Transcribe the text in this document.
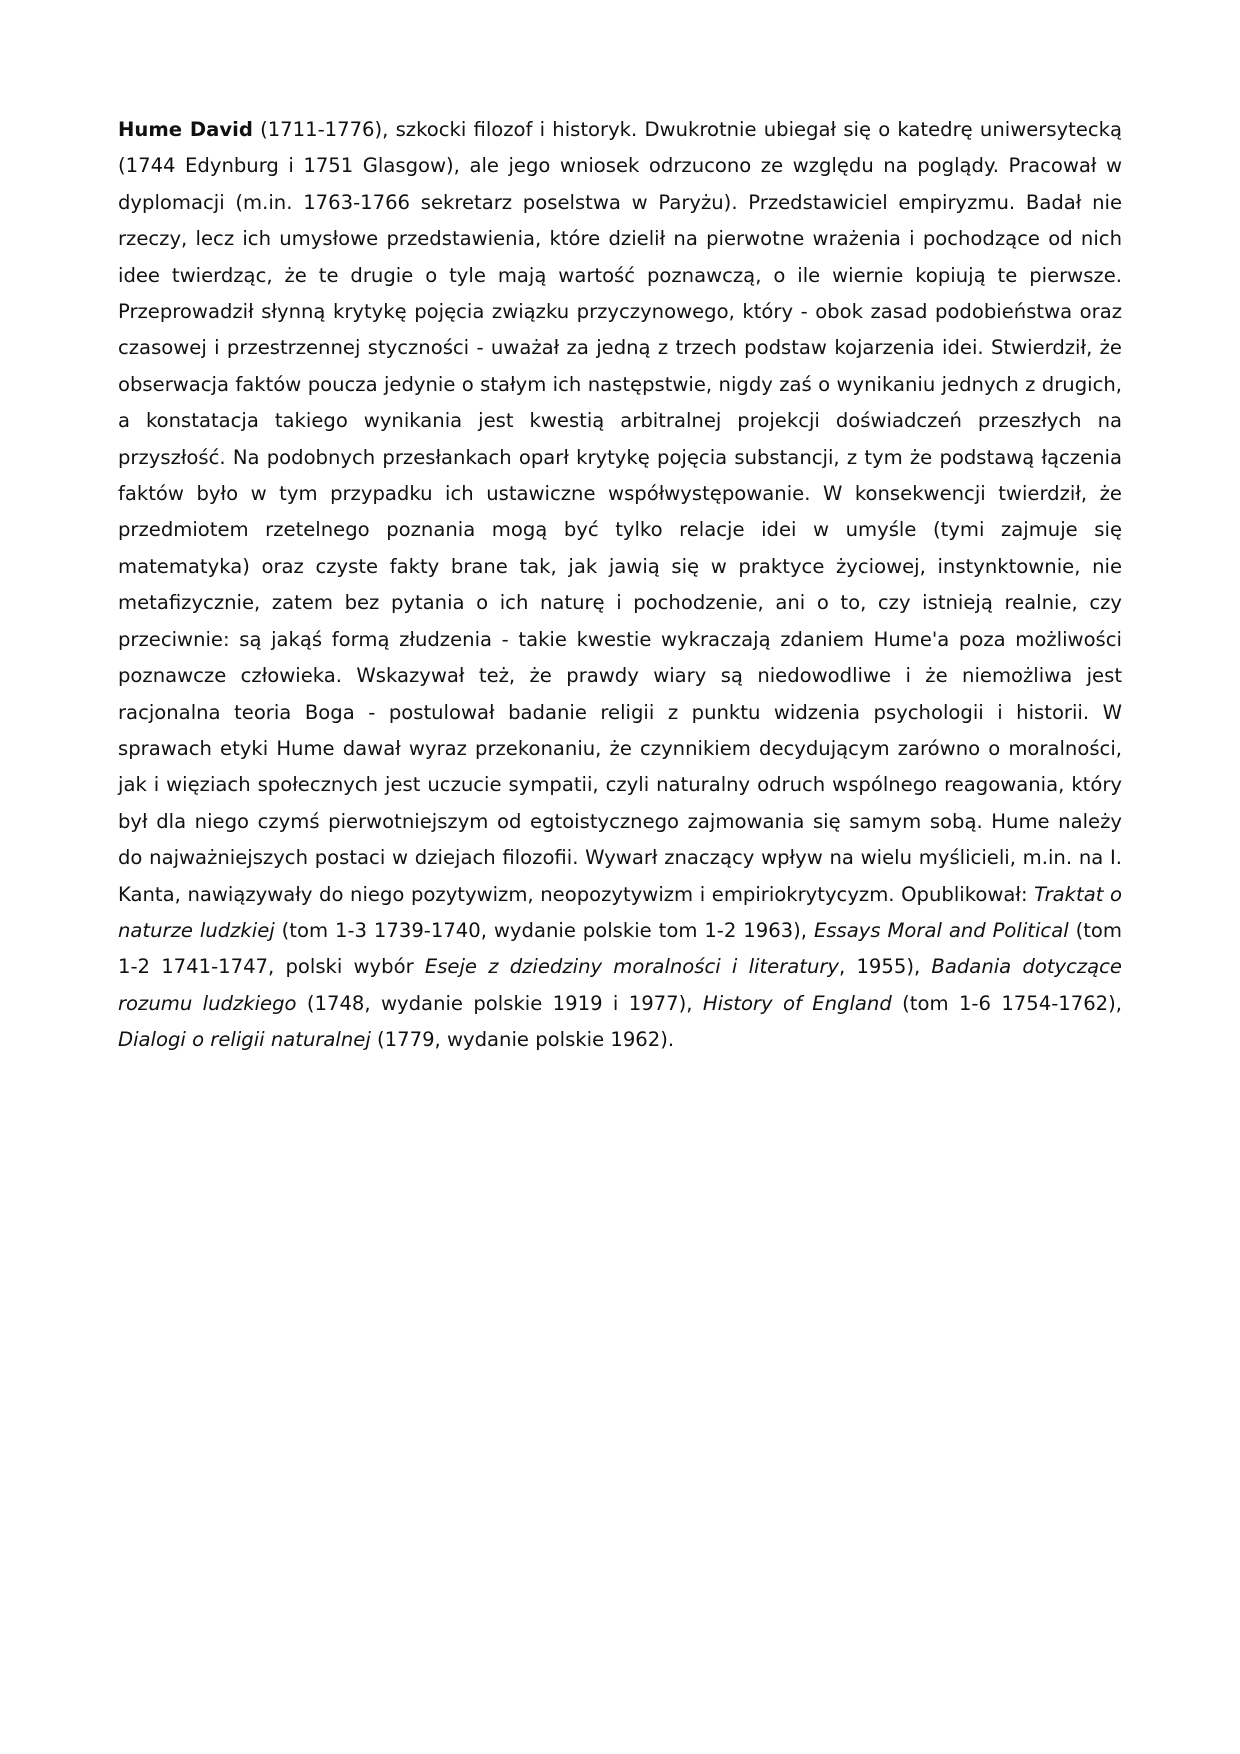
Hume David (1711-1776), szkocki filozof i historyk. Dwukrotnie ubiegał się o katedrę uniwersytecką (1744 Edynburg i 1751 Glasgow), ale jego wniosek odrzucono ze względu na poglądy. Pracował w dyplomacji (m.in. 1763-1766 sekretarz poselstwa w Paryżu). Przedstawiciel empiryzmu. Badał nie rzeczy, lecz ich umysłowe przedstawienia, które dzielił na pierwotne wrażenia i pochodzące od nich idee twierdząc, że te drugie o tyle mają wartość poznawczą, o ile wiernie kopiują te pierwsze. Przeprowadził słynną krytykę pojęcia związku przyczynowego, który - obok zasad podobieństwa oraz czasowej i przestrzennej styczności - uważał za jedną z trzech podstaw kojarzenia idei. Stwierdził, że obserwacja faktów poucza jedynie o stałym ich następstwie, nigdy zaś o wynikaniu jednych z drugich, a konstatacja takiego wynikania jest kwestią arbitralnej projekcji doświadczeń przeszłych na przyszłość. Na podobnych przesłankach oparł krytykę pojęcia substancji, z tym że podstawą łączenia faktów było w tym przypadku ich ustawiczne współwystępowanie. W konsekwencji twierdził, że przedmiotem rzetelnego poznania mogą być tylko relacje idei w umyśle (tymi zajmuje się matematyka) oraz czyste fakty brane tak, jak jawią się w praktyce życiowej, instynktownie, nie metafizycznie, zatem bez pytania o ich naturę i pochodzenie, ani o to, czy istnieją realnie, czy przeciwnie: są jakąś formą złudzenia - takie kwestie wykraczają zdaniem Hume'a poza możliwości poznawcze człowieka. Wskazywał też, że prawdy wiary są niedowodliwe i że niemożliwa jest racjonalna teoria Boga - postulował badanie religii z punktu widzenia psychologii i historii. W sprawach etyki Hume dawał wyraz przekonaniu, że czynnikiem decydującym zarówno o moralności, jak i więziach społecznych jest uczucie sympatii, czyli naturalny odruch wspólnego reagowania, który był dla niego czymś pierwotniejszym od egtoistycznego zajmowania się samym sobą. Hume należy do najważniejszych postaci w dziejach filozofii. Wywarł znaczący wpływ na wielu myślicieli, m.in. na I. Kanta, nawiązywały do niego pozytywizm, neopozytywizm i empiriokrytycyzm. Opublikował: Traktat o naturze ludzkiej (tom 1-3 1739-1740, wydanie polskie tom 1-2 1963), Essays Moral and Political (tom 1-2 1741-1747, polski wybór Eseje z dziedziny moralności i literatury, 1955), Badania dotyczące rozumu ludzkiego (1748, wydanie polskie 1919 i 1977), History of England (tom 1-6 1754-1762), Dialogi o religii naturalnej (1779, wydanie polskie 1962).
